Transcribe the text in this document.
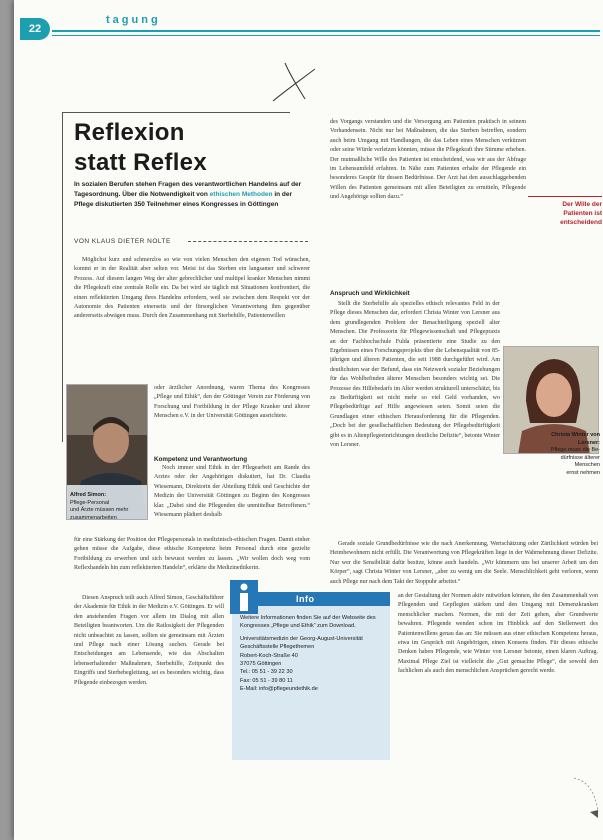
22
tagung
Reflexion
statt Reflex
In sozialen Berufen stehen Fragen des verantwortlichen Handelns auf der Tagesordnung. Über die Notwendigkeit von ethischen Methoden in der Pflege diskutierten 350 Teilnehmer eines Kongresses in Göttingen
VON KLAUS DIETER NOLTE
Möglichst kurz und schmerzlos so wie von vielen Menschen den eigenen Tod wünschen, kommt er in der Realität aber selten vor. Meist ist das Sterben ein langsamer und schwerer Prozess. Auf diesem langen Weg der alter gebrechlicher und multipel kranker Menschen nimmt die Pflegekraft eine zentrale Rolle ein. Da bei wird sie täglich mit Situationen konfrontiert, die einen reflektierten Umgang ihres Handelns erfordern, weil sie zwischen dem Respekt vor der Autonomie des Patienten einerseits und der fürsorglichen Verantwortung ihm gegenüber andererseits abwägen muss. Durch den Zusammenhang mit Sterbehilfe, Patientenwillen
Alfred Simon:
Pflege-Personal
und Ärzte müssen mehr
zusammenarbeiten
oder ärztlicher Anordnung, waren Thema des Kongresses „Pflege und Ethik“, den der Göttinger Verein zur Förderung von Forschung und Fortbildung in der Pflege Kranker und älterer Menschen e.V. in der Universität Göttingen ausrichtete.
Kompetenz und Verantwortung
Noch immer sind Ethik in der Pflegearbeit am Rande des Arztes oder der Angehörigen diskutiert, hat Dr. Claudia Wiesemann, Direktorin der Abteilung Ethik und Geschichte der Medizin der Universität Göttingen zu Beginn des Kongresses klar. „Dabei sind die Pflegenden die unmittelbar Betroffenen.“ Wiesemann plädiert deshalb
für eine Stärkung der Position der Pflegepersonals in medizinisch-ethischen Fragen. Damit einher gehen müsse die Aufgabe, diese ethische Kompetenz beim Personal durch eine gezielte Fortbildung zu erwerben und sich bewusst werden zu lassen. „Wir wollen doch weg vom Reflexhandeln hin zum reflektierten Handeln“, erklärte die Medizinethikerin.
Diesen Anspruch teilt auch Alfred Simon, Geschäftsführer der Akademie für Ethik in der Medizin e.V. Göttingen. Er will den anstehenden Fragen vor allem im Dialog mit allen Beteiligten beantworten. Um die Ratlosigkeit der Pflegenden nicht unbeachtet zu lassen, sollten sie gemeinsam mit Ärzten und Pflege nach einer Lösung suchen. Gerade bei Entscheidungen am Lebensende, wie das Abschalten lebenserhaltender Maßnahmen, Sterbehilfe, Zeitpunkt des Eingriffs und Sterbebegleitung, sei es besonders wichtig, dass Pflegende einbezogen werden.
des Vorgangs verstanden und die Versorgung am Patienten praktisch in seinem Vorhandensein. Nicht nur bei Maßnahmen, die das Sterben betreffen, sondern auch beim Umgang mit Handlungen, die das Leben eines Menschen verkürzen oder seine Würde verletzen könnten, müsse die Pflegekraft ihre Stimme erheben. Der mutmaßliche Wille des Patienten ist entscheidend, was wir aus der Abfrage im Lebensumfeld erfahren. In Nähe zum Patienten erhalte der Pflegende ein besonderes Gespür für dessen Bedürfnisse. Der Arzt hat den ausschlaggebenden Willen des Patienten gemeinsam mit allen Beteiligten zu ermitteln, Pflegende und Angehörige sollten dazu.“
Der Wille der
Patienten ist
entscheidend
Anspruch und Wirklichkeit
Stellt die Sterbehilfe als spezielles ethisch relevantes Feld in der Pflege dieses Menschen dar, erfordert Christa Winter von Lersner aus dem grundlegenden Problem der Benachteiligung speziell alter Menschen. Die Professorin für Pflegewissenschaft und Pflegepraxis an der Fachhochschule Fulda präsentierte eine Studie zu den Ergebnissen eines Forschungsprojekts über die Lebensqualität von 85-jährigen und älteren Patienten, die seit 1988 durchgeführt wird. Am deutlichsten war der Befund, dass ein Netzwerk sozialer Beziehungen für das Wohlbefinden älterer Menschen besonders wichtig sei. Die Prozesse des Hilfebedarfs im Alter werden strukturell unterschätzt, bis zu Bedürftigkeit sei nicht mehr so viel Geld vorhanden, wo Pflegebedürftige auf Hilfe angewiesen seien. Somit seien die Grundlagen einer ethischen Herausforderung für die Pflegenden. „Doch bei der gesellschaftlichen Bedeutung der Pflegebedürftigkeit gibt es in Altenpflegeeinrichtungen deutliche Defizite“, betonte Winter von Lersner.
Christa Winter von
Lersner:
Pflege muss die Be-
dürfnisse älterer Menschen
ernst nehmen
Gerade soziale Grundbedürfnisse wie die nach Anerkennung, Wertschätzung oder Zärtlichkeit würden bei Heimbewohnern nicht erfüllt. Die Verantwortung von Pflegekräften liege in der Wahrnehmung dieser Defizite. Nur wer die Sensibilität dafür besitze, könne auch handeln. „Wir kümmern uns bei unserer Arbeit um den Körper“, sagt Christa Winter von Lersner, „aber zu wenig um die Seele. Menschlichkeit geht verloren, wenn auch Pflege nur nach dem Takt der Stoppuhr arbeitet.“
an der Gestaltung der Normen aktiv mitwirken können, die den Zusammenhalt von Pflegenden und Gepflegten stärken und den Umgang mit Demenzkranken menschlicher machen. Normen, die mit der Zeit gehen, aber Grundwerte bewahren. Pflegende wenden schon im Hinblick auf den Stellenwert des Patientenwillens genau das an: Sie müssen aus einer ethischen Kompetenz heraus, etwa im Gespräch mit Angehörigen, einen Konsens finden. Für dieses ethische Denken haben Pflegende, wie Winter von Lersner betonte, einen klaren Auftrag. Maximal Pflege Ziel ist vielleicht die „Gut gemachte Pflege“, die sowohl den fachlichen als auch den menschlichen Ansprüchen gerecht werde.
Info

Weitere Informationen finden Sie auf der Webseite des Kongresses „Pflege und Ethik“ zum Download.

Universitätsmedizin der Georg-August-Universität
Geschäftsstelle Pflegethemen
Robert-Koch-Straße 40
37075 Göttingen
Tel.: 05 51 - 39 22 30
Fax: 05 51 - 39 80 11
E-Mail: info@pflegeundethik.de
